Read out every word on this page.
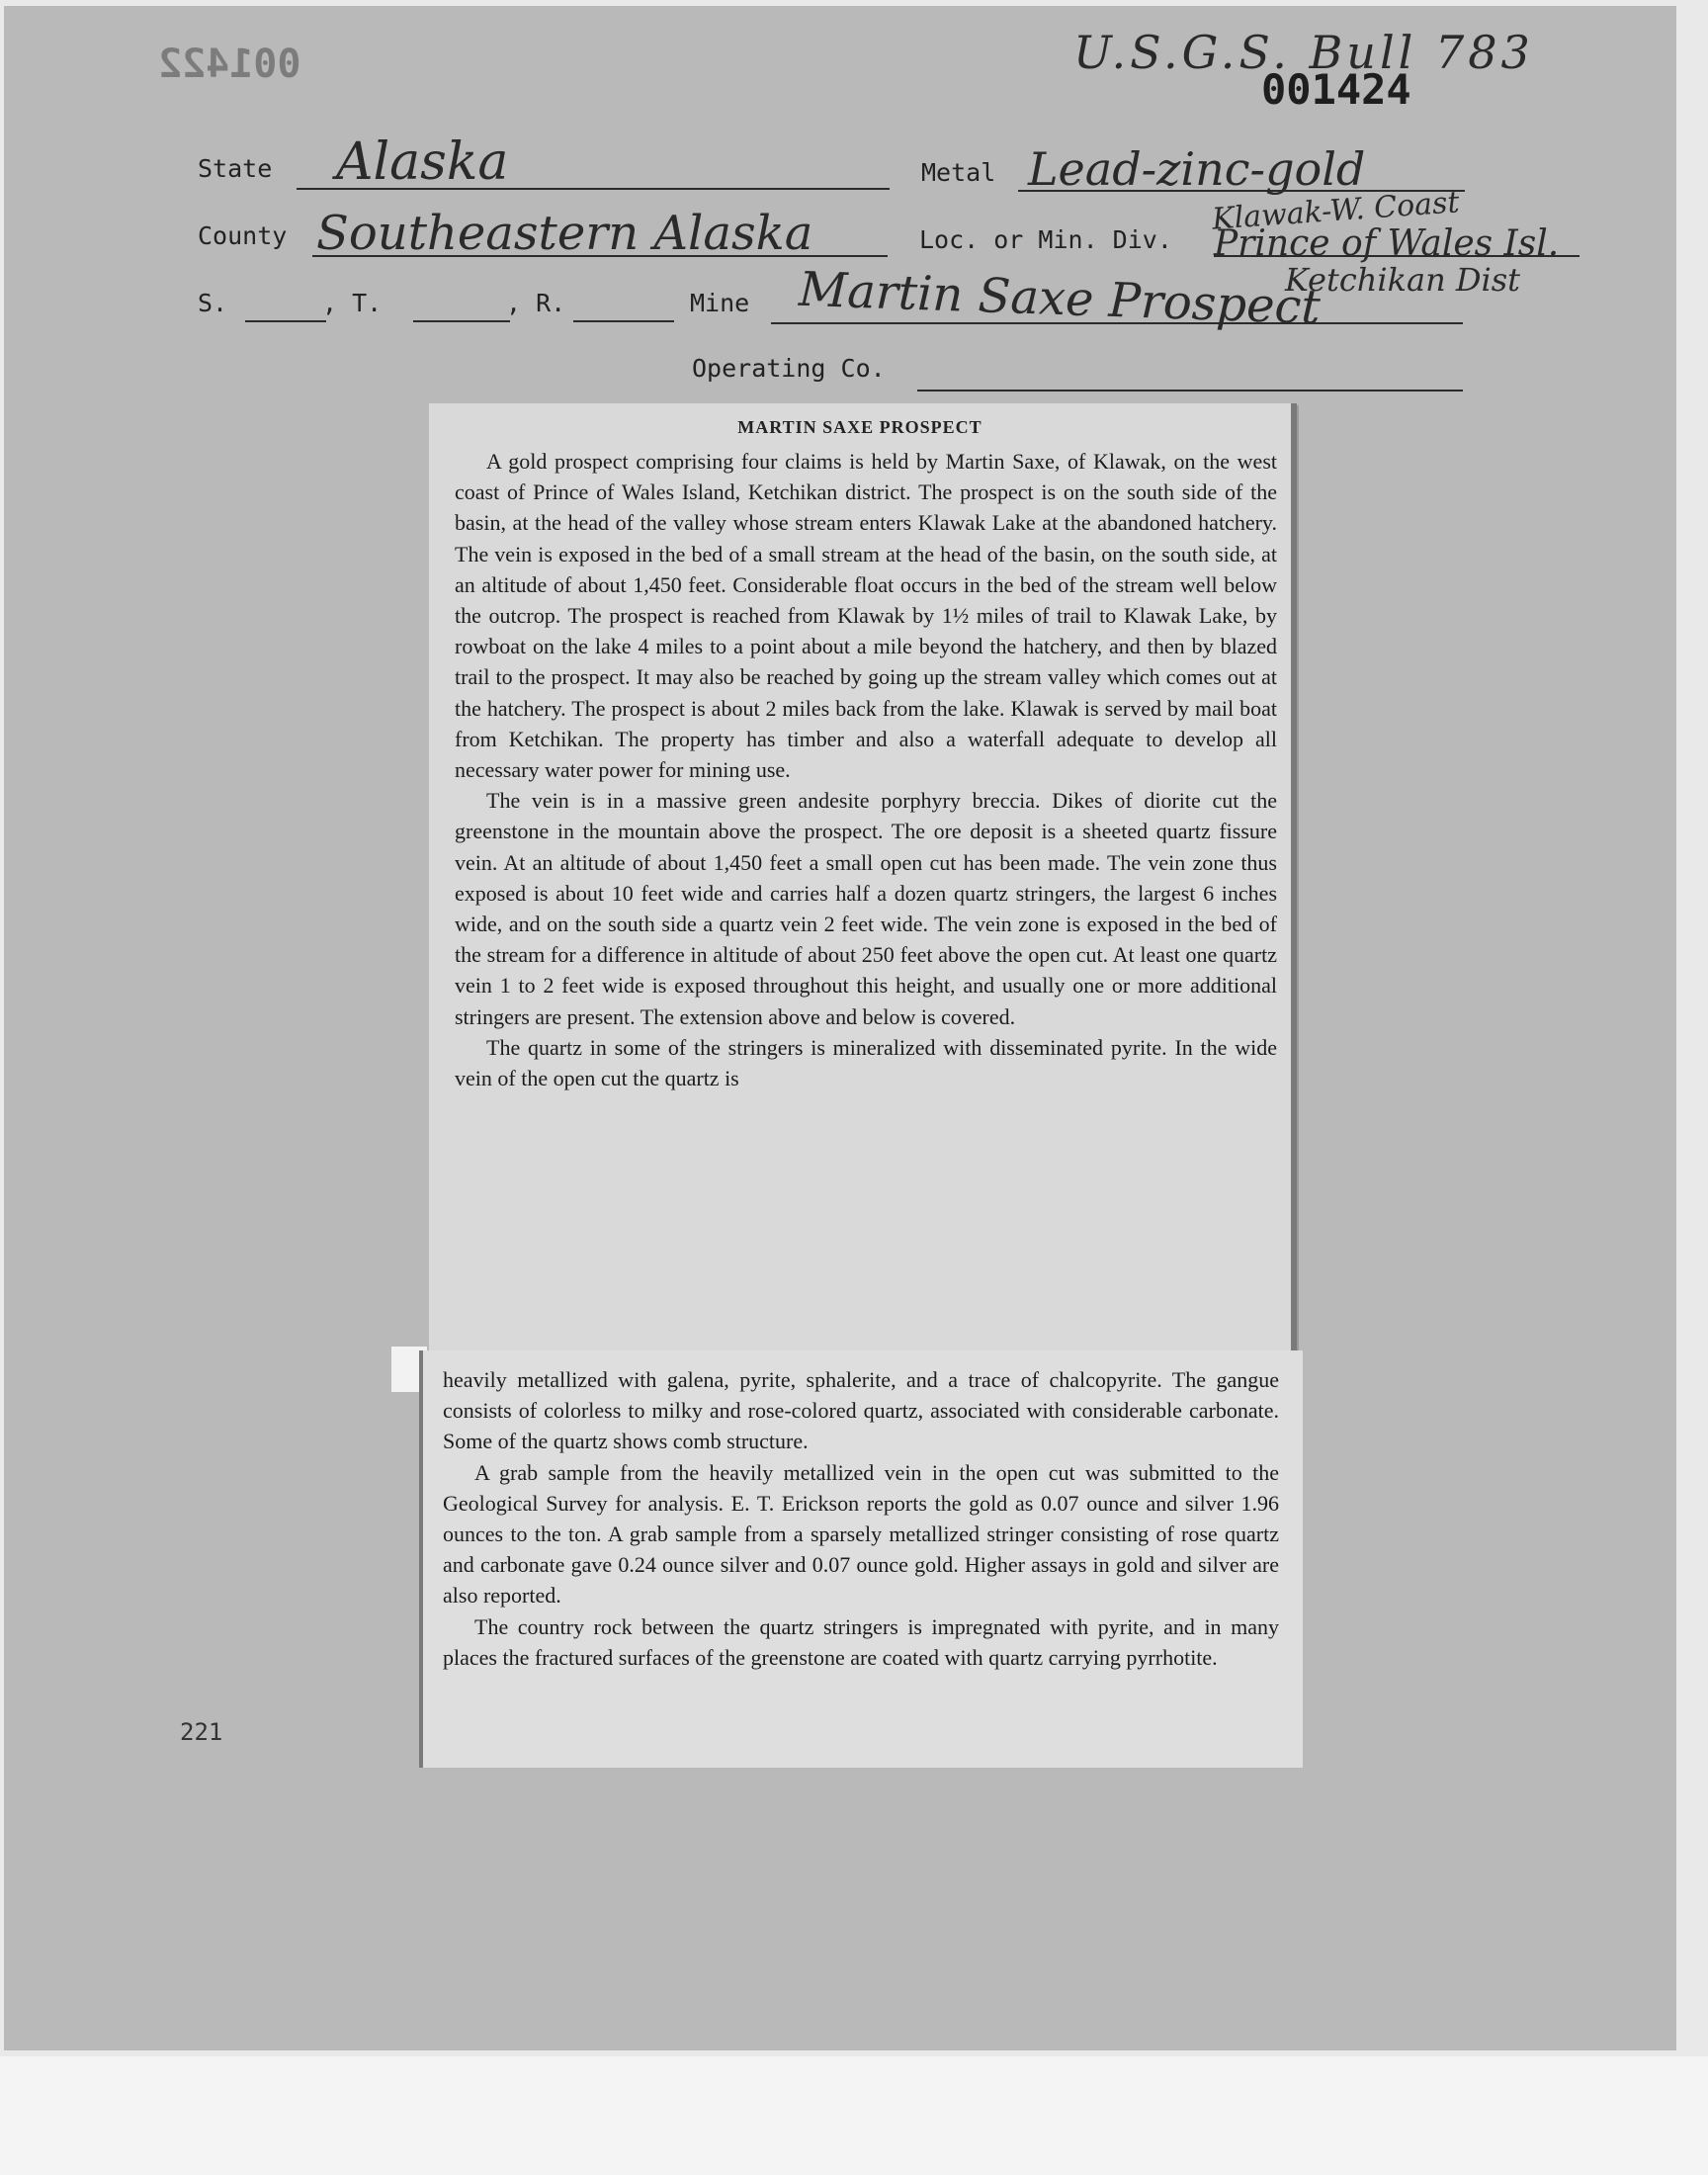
U.S.G.S. Bull 783
001424
001422
State Alaska	Metal Lead-zinc-gold
County Southeastern Alaska	Loc. or Min. Div.
Klawak-W. Coast
Prince of Wales Isl.
Ketchikan Dist
S.	, T.	, R.	Mine Martin Saxe Prospect
Operating Co.
MARTIN SAXE PROSPECT

A gold prospect comprising four claims is held by Martin Saxe, of Klawak, on the west coast of Prince of Wales Island, Ketchikan district. The prospect is on the south side of the basin, at the head of the valley whose stream enters Klawak Lake at the abandoned hatchery. The vein is exposed in the bed of a small stream at the head of the basin, on the south side, at an altitude of about 1,450 feet. Considerable float occurs in the bed of the stream well below the outcrop. The prospect is reached from Klawak by 1½ miles of trail to Klawak Lake, by rowboat on the lake 4 miles to a point about a mile beyond the hatchery, and then by blazed trail to the prospect. It may also be reached by going up the stream valley which comes out at the hatchery. The prospect is about 2 miles back from the lake. Klawak is served by mail boat from Ketchikan. The property has timber and also a waterfall adequate to develop all necessary water power for mining use.

The vein is in a massive green andesite porphyry breccia. Dikes of diorite cut the greenstone in the mountain above the prospect. The ore deposit is a sheeted quartz fissure vein. At an altitude of about 1,450 feet a small open cut has been made. The vein zone thus exposed is about 10 feet wide and carries half a dozen quartz stringers, the largest 6 inches wide, and on the south side a quartz vein 2 feet wide. The vein zone is exposed in the bed of the stream for a difference in altitude of about 250 feet above the open cut. At least one quartz vein 1 to 2 feet wide is exposed throughout this height, and usually one or more additional stringers are present. The extension above and below is covered.

The quartz in some of the stringers is mineralized with disseminated pyrite. In the wide vein of the open cut the quartz is

heavily metallized with galena, pyrite, sphalerite, and a trace of chalcopyrite. The gangue consists of colorless to milky and rose-colored quartz, associated with considerable carbonate. Some of the quartz shows comb structure.

A grab sample from the heavily metallized vein in the open cut was submitted to the Geological Survey for analysis. E. T. Erickson reports the gold as 0.07 ounce and silver 1.96 ounces to the ton. A grab sample from a sparsely metallized stringer consisting of rose quartz and carbonate gave 0.24 ounce silver and 0.07 ounce gold. Higher assays in gold and silver are also reported.

The country rock between the quartz stringers is impregnated with pyrite, and in many places the fractured surfaces of the greenstone are coated with quartz carrying pyrrhotite.

221
